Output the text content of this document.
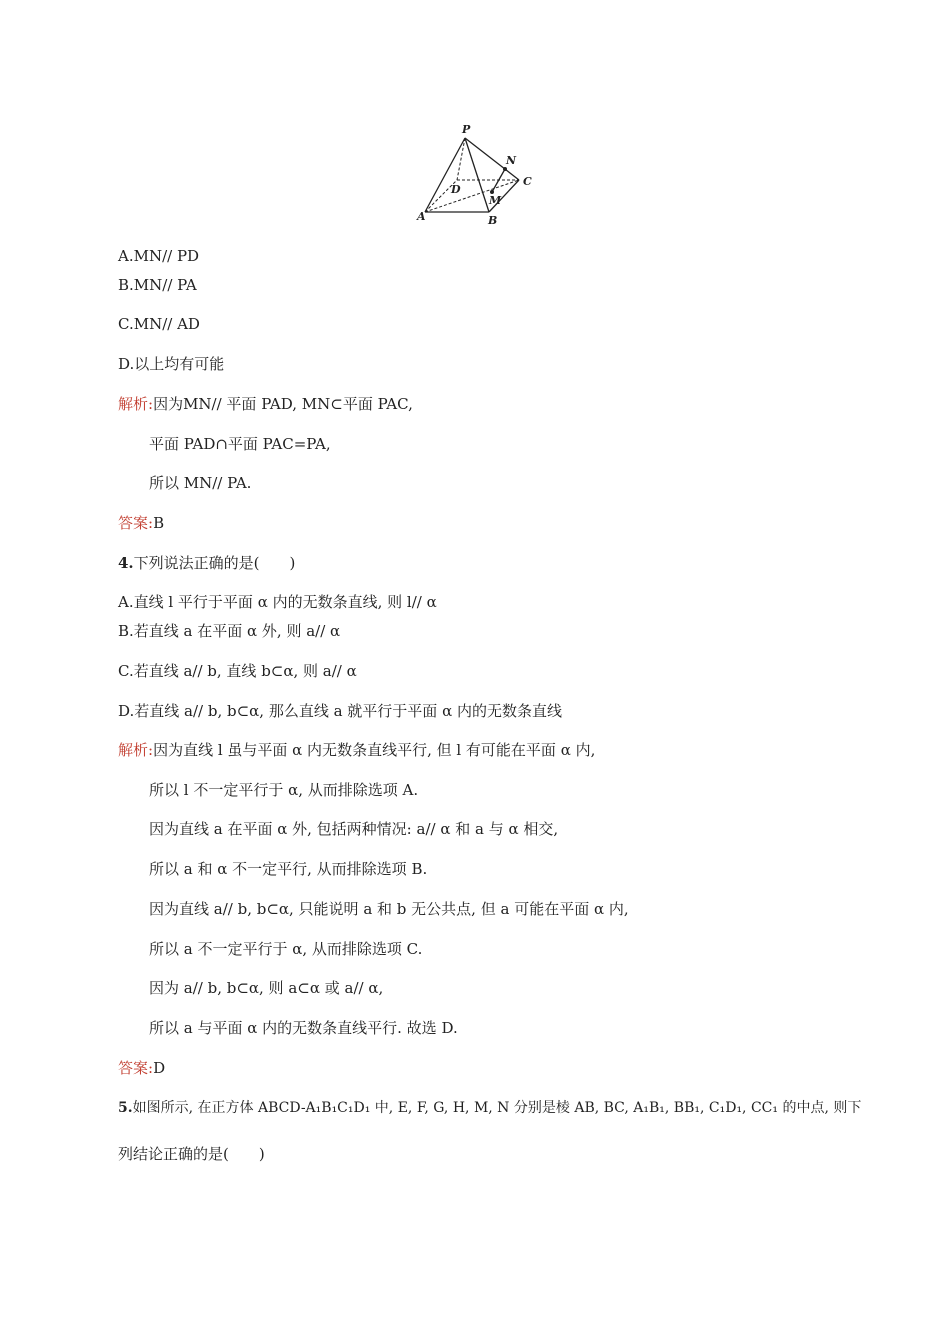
P
N
C
D
M
A	B
A.MN// PD
B.MN// PA
C.MN// AD
D.以上均有可能
解析:因为MN// 平面 PAD, MN⊂平面 PAC,
平面 PAD∩平面 PAC=PA,
所以 MN// PA.
答案:B
4.下列说法正确的是(　　)
A.直线 l 平行于平面 α 内的无数条直线, 则 l// α
B.若直线 a 在平面 α 外, 则 a// α
C.若直线 a// b, 直线 b⊂α, 则 a// α
D.若直线 a// b, b⊂α, 那么直线 a 就平行于平面 α 内的无数条直线
解析:因为直线 l 虽与平面 α 内无数条直线平行, 但 l 有可能在平面 α 内,
所以 l 不一定平行于 α, 从而排除选项 A.
因为直线 a 在平面 α 外, 包括两种情况: a// α 和 a 与 α 相交,
所以 a 和 α 不一定平行, 从而排除选项 B.
因为直线 a// b, b⊂α, 只能说明 a 和 b 无公共点, 但 a 可能在平面 α 内,
所以 a 不一定平行于 α, 从而排除选项 C.
因为 a// b, b⊂α, 则 a⊂α 或 a// α,
所以 a 与平面 α 内的无数条直线平行. 故选 D.
答案:D
5.如图所示, 在正方体 ABCD-A₁B₁C₁D₁ 中, E, F, G, H, M, N 分别是棱 AB, BC, A₁B₁, BB₁, C₁D₁, CC₁ 的中点, 则下
列结论正确的是(　　)
